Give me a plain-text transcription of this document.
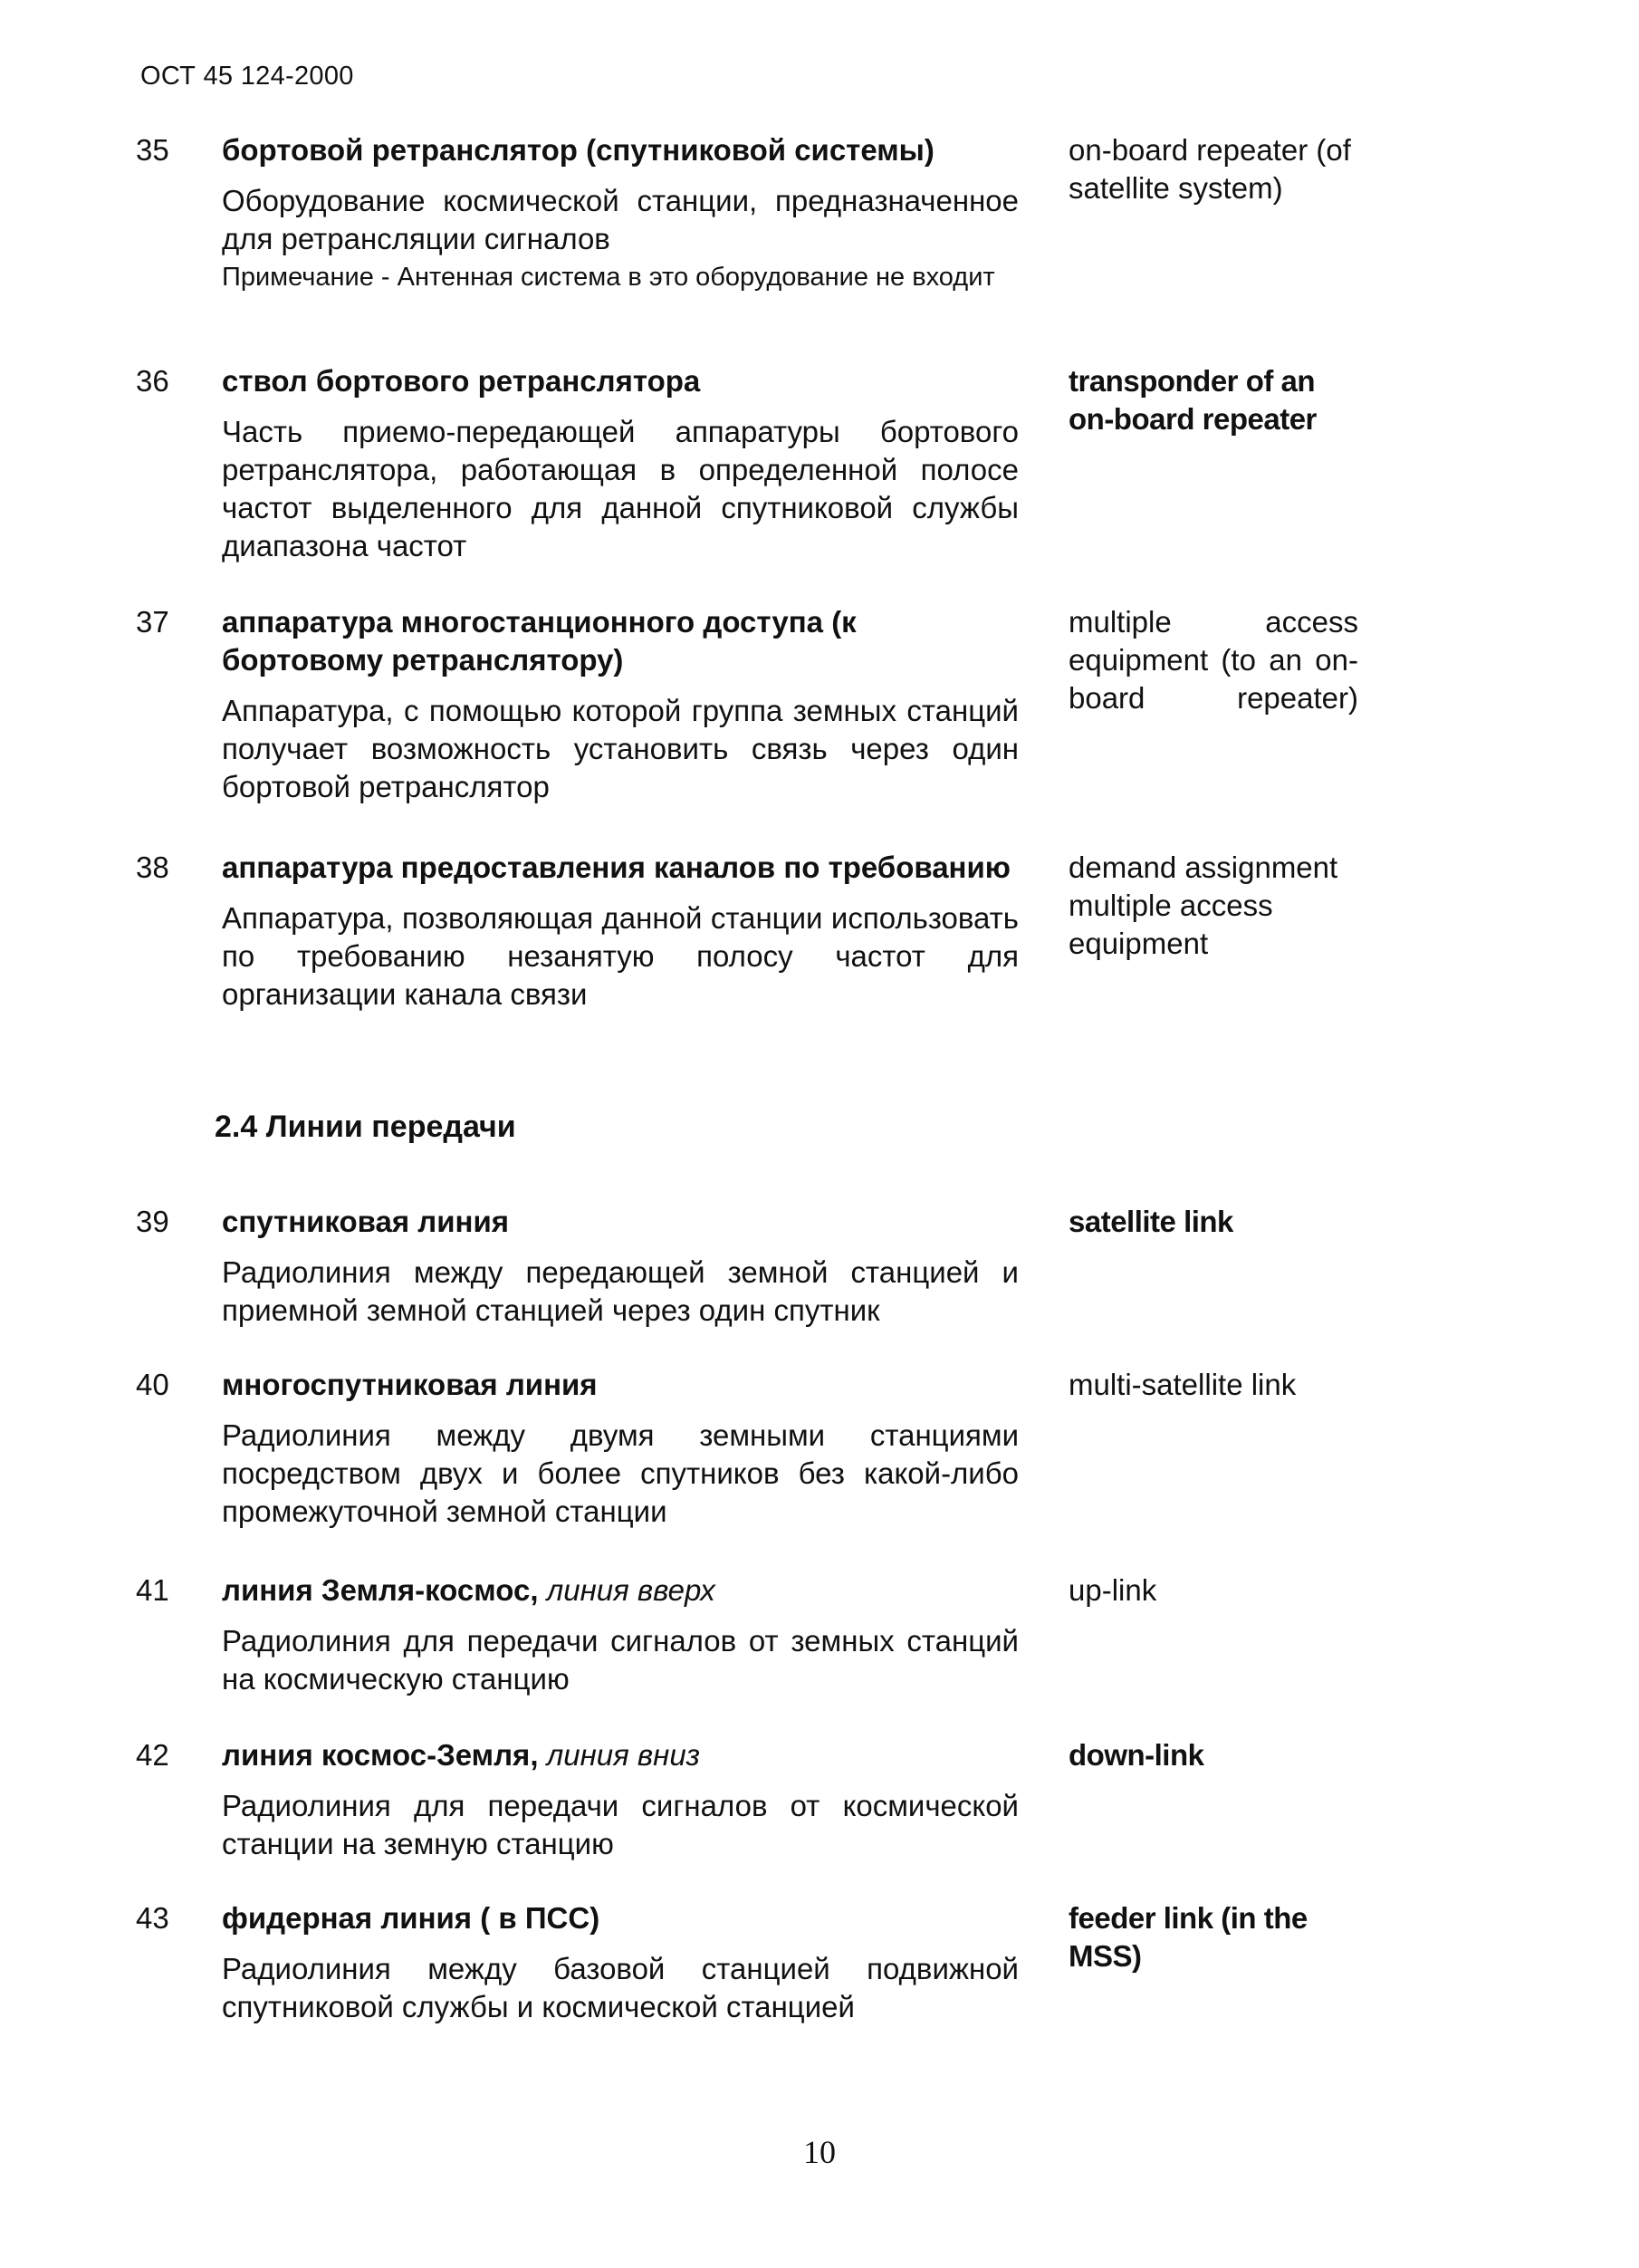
ОСТ 45 124-2000
35 бортовой ретранслятор (спутниковой системы)

Оборудование космической станции, предназначенное для ретрансляции сигналов

Примечание - Антенная система в это оборудование не входит

on-board repeater (of satellite system)
36 ствол бортового ретранслятора

Часть приемо-передающей аппаратуры бортового ретранслятора, работающая в определенной полосе частот выделенного для данной спутниковой службы диапазона частот

transponder of an on-board repeater
37 аппаратура многостанционного доступа (к бортовому ретранслятору)

Аппаратура, с помощью которой группа земных станций получает возможность установить связь через один бортовой ретранслятор

multiple access equipment (to an on-board repeater)
38 аппаратура предоставления каналов по требованию

Аппаратура, позволяющая данной станции использовать по требованию незанятую полосу частот для организации канала связи

demand assignment multiple access equipment
2.4 Линии передачи
39 спутниковая линия

Радиолиния между передающей земной станцией и приемной земной станцией через один спутник

satellite link
40 многоспутниковая линия

Радиолиния между двумя земными станциями посредством двух и более спутников без какой-либо промежуточной земной станции

multi-satellite link
41 линия Земля-космос, линия вверх

Радиолиния для передачи сигналов от земных станций на космическую станцию

up-link
42 линия космос-Земля, линия вниз

Радиолиния для передачи сигналов от космической станции на земную станцию

down-link
43 фидерная линия ( в ПСС)

Радиолиния между базовой станцией подвижной спутниковой службы и космической станцией

feeder link (in the MSS)
10
